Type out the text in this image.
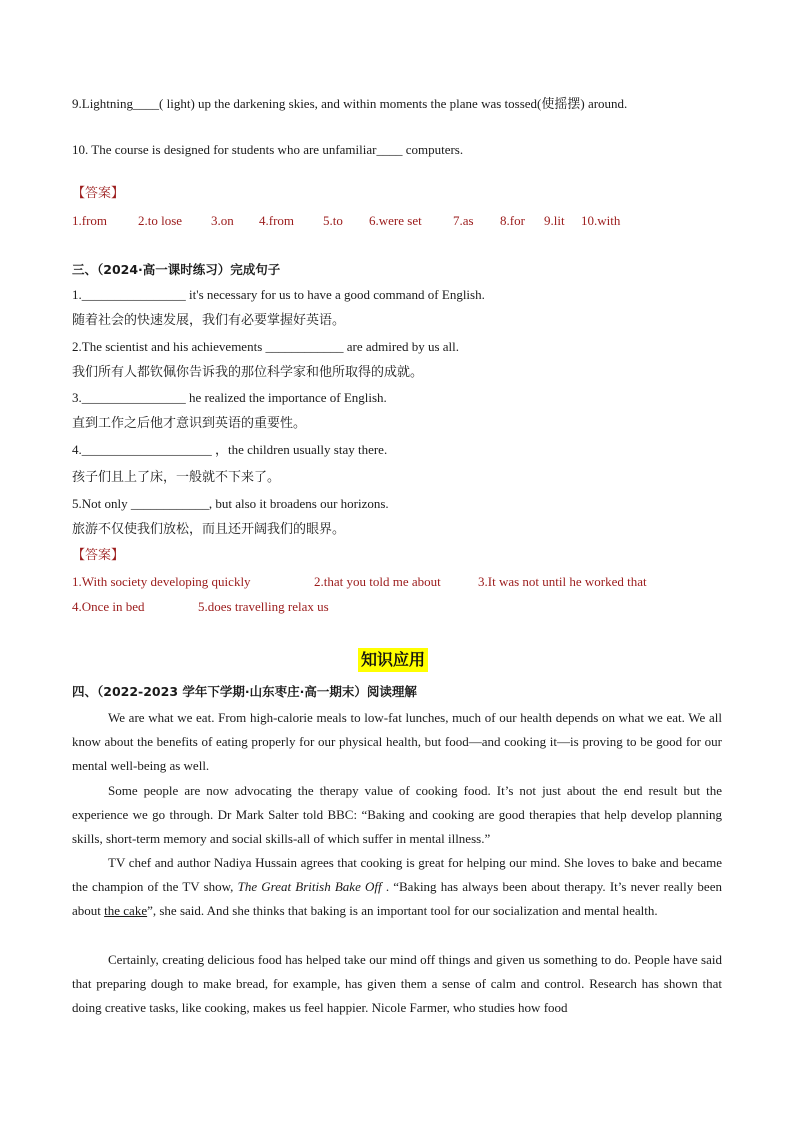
9.Lightning____( light) up the darkening skies, and within moments the plane was tossed(使摇摆) around.
10. The course is designed for students who are unfamiliar____ computers.
【答案】
1.from	2.to lose	3.on	4.from	5.to	6.were set	7.as	8.for	9.lit	10.with
三、（2024·高一课时练习）完成句子
1.________________ it's necessary for us to have a good command of English.
随着社会的快速发展，我们有必要掌握好英语。
2.The scientist and his achievements ____________ are admired by us all.
我们所有人都钦佩你告诉我的那位科学家和他所取得的成就。
3.________________ he realized the importance of English.
直到工作之后他才意识到英语的重要性。
4.____________________ ，the children usually stay there.
孩子们且上了床，一般就不下来了。
5.Not only ____________, but also it broadens our horizons.
旅游不仅使我们放松，而且还开阔我们的眼界。
【答案】
1.With society developing quickly	2.that you told me about	3.It was not until he worked that
4.Once in bed	5.does travelling relax us
四、（2022-2023 学年下学期·山东枣庄·高一期末）阅读理解
We are what we eat. From high-calorie meals to low-fat lunches, much of our health depends on what we eat. We all know about the benefits of eating properly for our physical health, but food—and cooking it—is proving to be good for our mental well-being as well.
Some people are now advocating the therapy value of cooking food. It’s not just about the end result but the experience we go through. Dr Mark Salter told BBC: “Baking and cooking are good therapies that help develop planning skills, short-term memory and social skills-all of which suffer in mental illness.”
TV chef and author Nadiya Hussain agrees that cooking is great for helping our mind. She loves to bake and became the champion of the TV show, The Great British Bake Off . “Baking has always been about therapy. It’s never really been about the cake”, she said. And she thinks that baking is an important tool for our socialization and mental health.
Certainly, creating delicious food has helped take our mind off things and given us something to do. People have said that preparing dough to make bread, for example, has given them a sense of calm and control. Research has shown that doing creative tasks, like cooking, makes us feel happier. Nicole Farmer, who studies how food
知识应用
